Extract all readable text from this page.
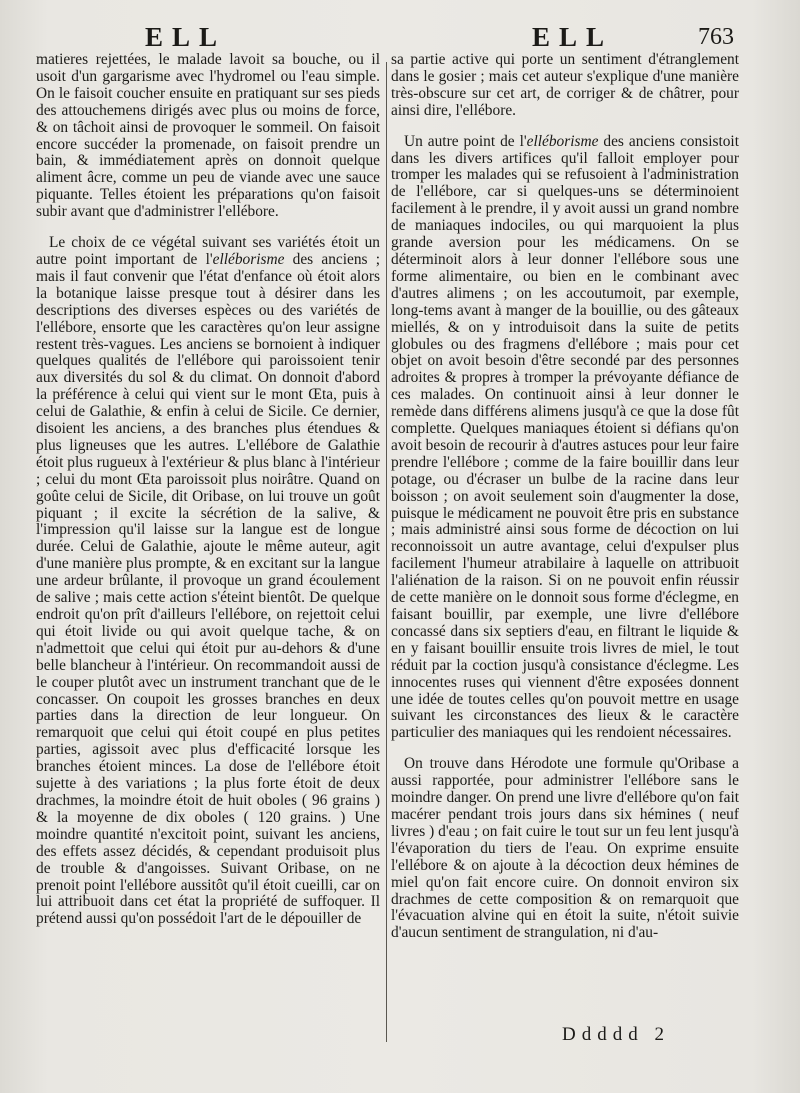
ELL	ELL	763

matieres rejettées, le malade lavoit sa bouche, ou il usoit d'un gargarisme avec l'hydromel ou l'eau simple. On le faisoit coucher ensuite en pratiquant sur ses pieds des attouchemens dirigés avec plus ou moins de force, & on tâchoit ainsi de provoquer le sommeil. On faisoit encore succéder la promenade, on faisoit prendre un bain, & immédiatement après on donnoit quelque aliment âcre, comme un peu de viande avec une sauce piquante. Telles étoient les préparations qu'on faisoit subir avant que d'administrer l'ellébore.

Le choix de ce végétal suivant ses variétés étoit un autre point important de l'elléborisme des anciens ; mais il faut convenir que l'état d'enfance où étoit alors la botanique laisse presque tout à désirer dans les descriptions des diverses espèces ou des variétés de l'ellébore, ensorte que les caractères qu'on leur assigne restent très-vagues. Les anciens se bornoient à indiquer quelques qualités de l'ellébore qui paroissoient tenir aux diversités du sol & du climat. On donnoit d'abord la préférence à celui qui vient sur le mont Œta, puis à celui de Galathie, & enfin à celui de Sicile. Ce dernier, disoient les anciens, a des branches plus étendues & plus ligneuses que les autres. L'ellébore de Galathie étoit plus rugueux à l'extérieur & plus blanc à l'intérieur ; celui du mont Œta paroissoit plus noirâtre. Quand on goûte celui de Sicile, dit Oribase, on lui trouve un goût piquant ; il excite la sécrétion de la salive, & l'impression qu'il laisse sur la langue est de longue durée. Celui de Galathie, ajoute le même auteur, agit d'une manière plus prompte, & en excitant sur la langue une ardeur brûlante, il provoque un grand écoulement de salive ; mais cette action s'éteint bientôt. De quelque endroit qu'on prît d'ailleurs l'ellébore, on rejettoit celui qui étoit livide ou qui avoit quelque tache, & on n'admettoit que celui qui étoit pur au-dehors & d'une belle blancheur à l'intérieur. On recommandoit aussi de le couper plutôt avec un instrument tranchant que de le concasser. On coupoit les grosses branches en deux parties dans la direction de leur longueur. On remarquoit que celui qui étoit coupé en plus petites parties, agissoit avec plus d'efficacité lorsque les branches étoient minces. La dose de l'ellébore étoit sujette à des variations ; la plus forte étoit de deux drachmes, la moindre étoit de huit oboles ( 96 grains ) & la moyenne de dix oboles ( 120 grains. ) Une moindre quantité n'excitoit point, suivant les anciens, des effets assez décidés, & cependant produisoit plus de trouble & d'angoisses. Suivant Oribase, on ne prenoit point l'ellébore aussitôt qu'il étoit cueilli, car on lui attribuoit dans cet état la propriété de suffoquer. Il prétend aussi qu'on possédoit l'art de le dépouiller de

sa partie active qui porte un sentiment d'étranglement dans le gosier ; mais cet auteur s'explique d'une manière très-obscure sur cet art, de corriger & de châtrer, pour ainsi dire, l'ellébore.

Un autre point de l'elléborisme des anciens consistoit dans les divers artifices qu'il falloit employer pour tromper les malades qui se refusoient à l'administration de l'ellébore, car si quelques-uns se déterminoient facilement à le prendre, il y avoit aussi un grand nombre de maniaques indociles, ou qui marquoient la plus grande aversion pour les médicamens. On se déterminoit alors à leur donner l'ellébore sous une forme alimentaire, ou bien en le combinant avec d'autres alimens ; on les accoutumoit, par exemple, long-tems avant à manger de la bouillie, ou des gâteaux miellés, & on y introduisoit dans la suite de petits globules ou des fragmens d'ellébore ; mais pour cet objet on avoit besoin d'être secondé par des personnes adroites & propres à tromper la prévoyante défiance de ces malades. On continuoit ainsi à leur donner le remède dans différens alimens jusqu'à ce que la dose fût complette. Quelques maniaques étoient si défians qu'on avoit besoin de recourir à d'autres astuces pour leur faire prendre l'ellébore ; comme de la faire bouillir dans leur potage, ou d'écraser un bulbe de la racine dans leur boisson ; on avoit seulement soin d'augmenter la dose, puisque le médicament ne pouvoit être pris en substance ; mais administré ainsi sous forme de décoction on lui reconnoissoit un autre avantage, celui d'expulser plus facilement l'humeur atrabilaire à laquelle on attribuoit l'aliénation de la raison. Si on ne pouvoit enfin réussir de cette manière on le donnoit sous forme d'éclegme, en faisant bouillir, par exemple, une livre d'ellébore concassé dans six septiers d'eau, en filtrant le liquide & en y faisant bouillir ensuite trois livres de miel, le tout réduit par la coction jusqu'à consistance d'éclegme. Les innocentes ruses qui viennent d'être exposées donnent une idée de toutes celles qu'on pouvoit mettre en usage suivant les circonstances des lieux & le caractère particulier des maniaques qui les rendoient nécessaires.

On trouve dans Hérodote une formule qu'Oribase a aussi rapportée, pour administrer l'ellébore sans le moindre danger. On prend une livre d'ellébore qu'on fait macérer pendant trois jours dans six hémines ( neuf livres ) d'eau ; on fait cuire le tout sur un feu lent jusqu'à l'évaporation du tiers de l'eau. On exprime ensuite l'ellébore & on ajoute à la décoction deux hémines de miel qu'on fait encore cuire. On donnoit environ six drachmes de cette composition & on remarquoit que l'évacuation alvine qui en étoit la suite, n'étoit suivie d'aucun sentiment de strangulation, ni d'au-

Ddddd 2
